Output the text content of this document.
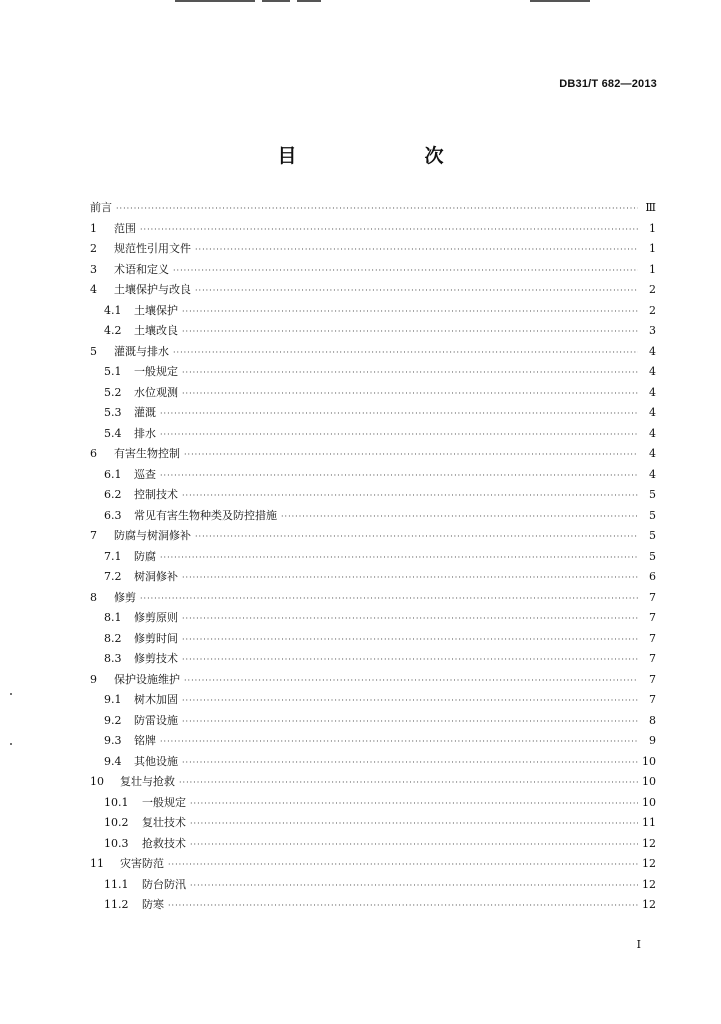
DB31/T 682—2013
目　　次
前言 ·····	Ⅲ
1	范围 ·····	1
2	规范性引用文件 ·····	1
3	术语和定义 ·····	1
4	土壤保护与改良 ·····	2
4.1	土壤保护 ·····	2
4.2	土壤改良 ·····	3
5	灌溉与排水 ·····	4
5.1	一般规定 ·····	4
5.2	水位观测 ·····	4
5.3	灌溉 ·····	4
5.4	排水 ·····	4
6	有害生物控制 ·····	4
6.1	巡查 ·····	4
6.2	控制技术 ·····	5
6.3	常见有害生物种类及防控措施 ·····	5
7	防腐与树洞修补 ·····	5
7.1	防腐 ·····	5
7.2	树洞修补 ·····	6
8	修剪 ·····	7
8.1	修剪原则 ·····	7
8.2	修剪时间 ·····	7
8.3	修剪技术 ·····	7
9	保护设施维护 ·····	7
9.1	树木加固 ·····	7
9.2	防雷设施 ·····	8
9.3	铭牌 ·····	9
9.4	其他设施 ·····	10
10	复壮与抢救 ·····	10
10.1	一般规定 ·····	10
10.2	复壮技术 ·····	11
10.3	抢救技术 ·····	12
11	灾害防范 ·····	12
11.1	防台防汛 ·····	12
11.2	防寒 ·····	12
I
